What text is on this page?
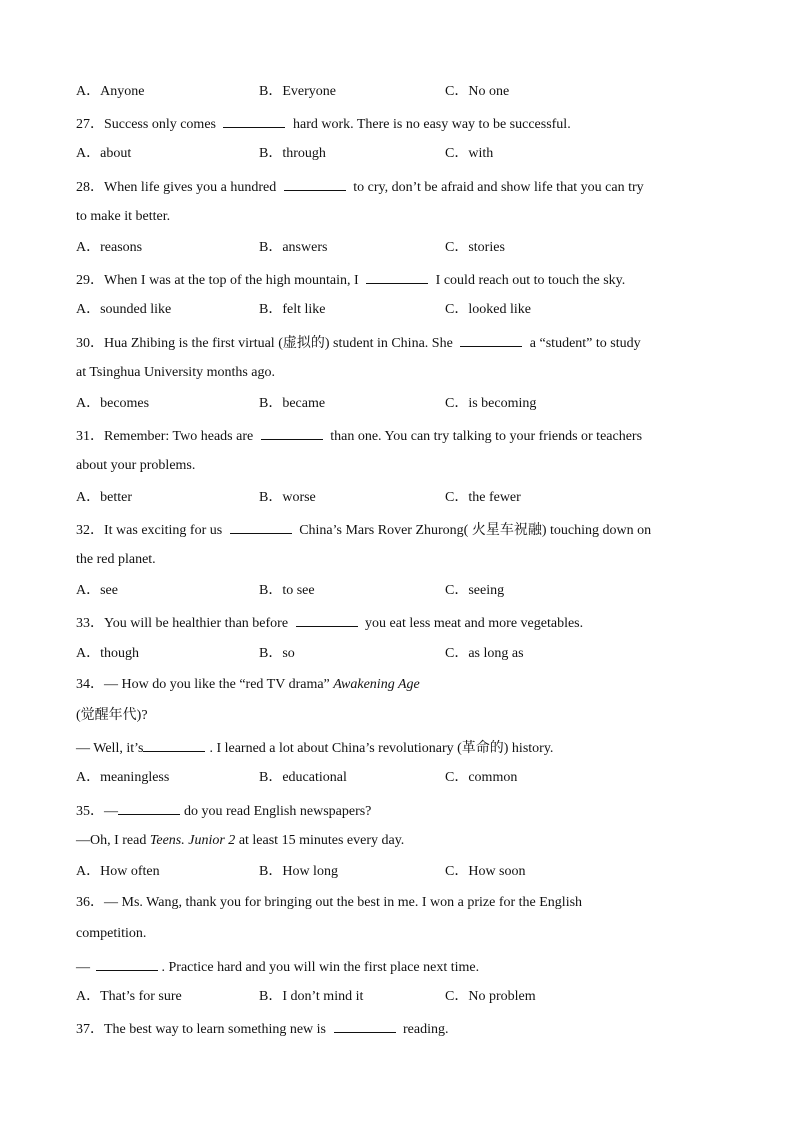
A．Anyone	B．Everyone	C．No one
27．Success only comes	hard work. There is no easy way to be successful.
A．about	B．through	C．with
28．When life gives you a hundred	to cry, don’t be afraid and show life that you can try
to make it better.
A．reasons	B．answers	C．stories
29．When I was at the top of the high mountain, I	I could reach out to touch the sky.
A．sounded like	B．felt like	C．looked like
30．Hua Zhibing is the first virtual (虚拟的) student in China. She	a “student” to study
at Tsinghua University months ago.
A．becomes	B．became	C．is becoming
31．Remember: Two heads are	than one. You can try talking to your friends or teachers
about your problems.
A．better	B．worse	C．the fewer
32．It was exciting for us	China’s Mars Rover Zhurong( 火星车祝融) touching down on
the red planet.
A．see	B．to see	C．seeing
33．You will be healthier than before	you eat less meat and more vegetables.
A．though	B．so	C．as long as
34．— How do you like the “red TV drama” Awakening Age
(觉醒年代)?
— Well, it’s	. I learned a lot about China’s revolutionary (革命的) history.
A．meaningless	B．educational	C．common
35．—	do you read English newspapers?
—Oh, I read Teens. Junior 2 at least 15 minutes every day.
A．How often	B．How long	C．How soon
36．— Ms. Wang, thank you for bringing out the best in me. I won a prize for the English
competition.
—	. Practice hard and you will win the first place next time.
A．That’s for sure	B．I don’t mind it	C．No problem
37．The best way to learn something new is	reading.
